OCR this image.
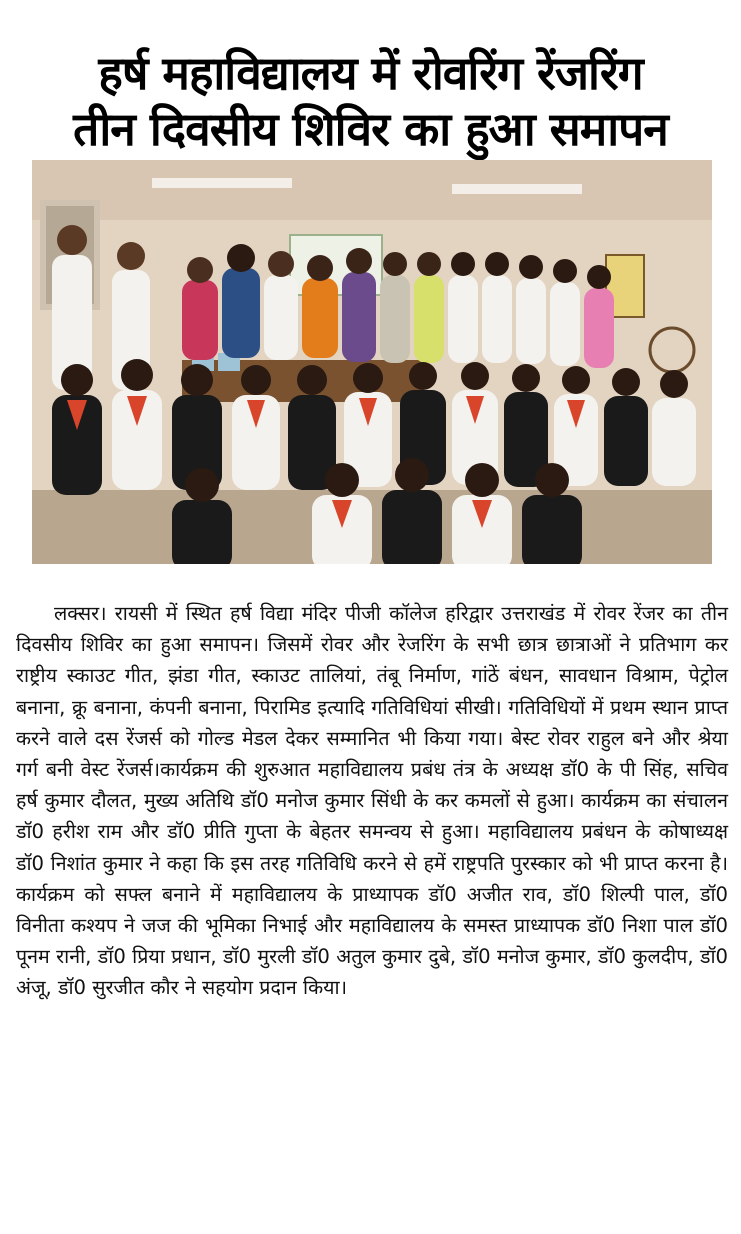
हर्ष महाविद्यालय में रोवरिंग रेंजरिंग
तीन दिवसीय शिविर का हुआ समापन

लक्सर। रायसी में स्थित हर्ष विद्या मंदिर पीजी कॉलेज हरिद्वार उत्तराखंड में रोवर रेंजर का तीन दिवसीय शिविर का हुआ समापन। जिसमें रोवर और रेजरिंग के सभी छात्र छात्राओं ने प्रतिभाग कर राष्ट्रीय स्काउट गीत, झंडा गीत, स्काउट तालियां, तंबू निर्माण, गांठें बंधन, सावधान विश्राम, पेट्रोल बनाना, क्रू बनाना, कंपनी बनाना, पिरामिड इत्यादि गतिविधियां सीखी। गतिविधियों में प्रथम स्थान प्राप्त करने वाले दस रेंजर्स को गोल्ड मेडल देकर सम्मानित भी किया गया। बेस्ट रोवर राहुल बने और श्रेया गर्ग बनी वेस्ट रेंजर्स।कार्यक्रम की शुरुआत महाविद्यालय प्रबंध तंत्र के अध्यक्ष डॉ0 के पी सिंह, सचिव हर्ष कुमार दौलत, मुख्य अतिथि डॉ0 मनोज कुमार सिंधी के कर कमलों से हुआ। कार्यक्रम का संचालन डॉ0 हरीश राम और डॉ0 प्रीति गुप्ता के बेहतर समन्वय से हुआ। महाविद्यालय प्रबंधन के कोषाध्यक्ष डॉ0 निशांत कुमार ने कहा कि इस तरह गतिविधि करने से हमें राष्ट्रपति पुरस्कार को भी प्राप्त करना है।कार्यक्रम को सफ्ल बनाने में महाविद्यालय के प्राध्यापक डॉ0 अजीत राव, डॉ0 शिल्पी पाल, डॉ0 विनीता कश्यप ने जज की भूमिका निभाई और महाविद्यालय के समस्त प्राध्यापक डॉ0 निशा पाल डॉ0 पूनम रानी, डॉ0 प्रिया प्रधान, डॉ0 मुरली डॉ0 अतुल कुमार दुबे, डॉ0 मनोज कुमार, डॉ0 कुलदीप, डॉ0 अंजू, डॉ0 सुरजीत कौर ने सहयोग प्रदान किया।
